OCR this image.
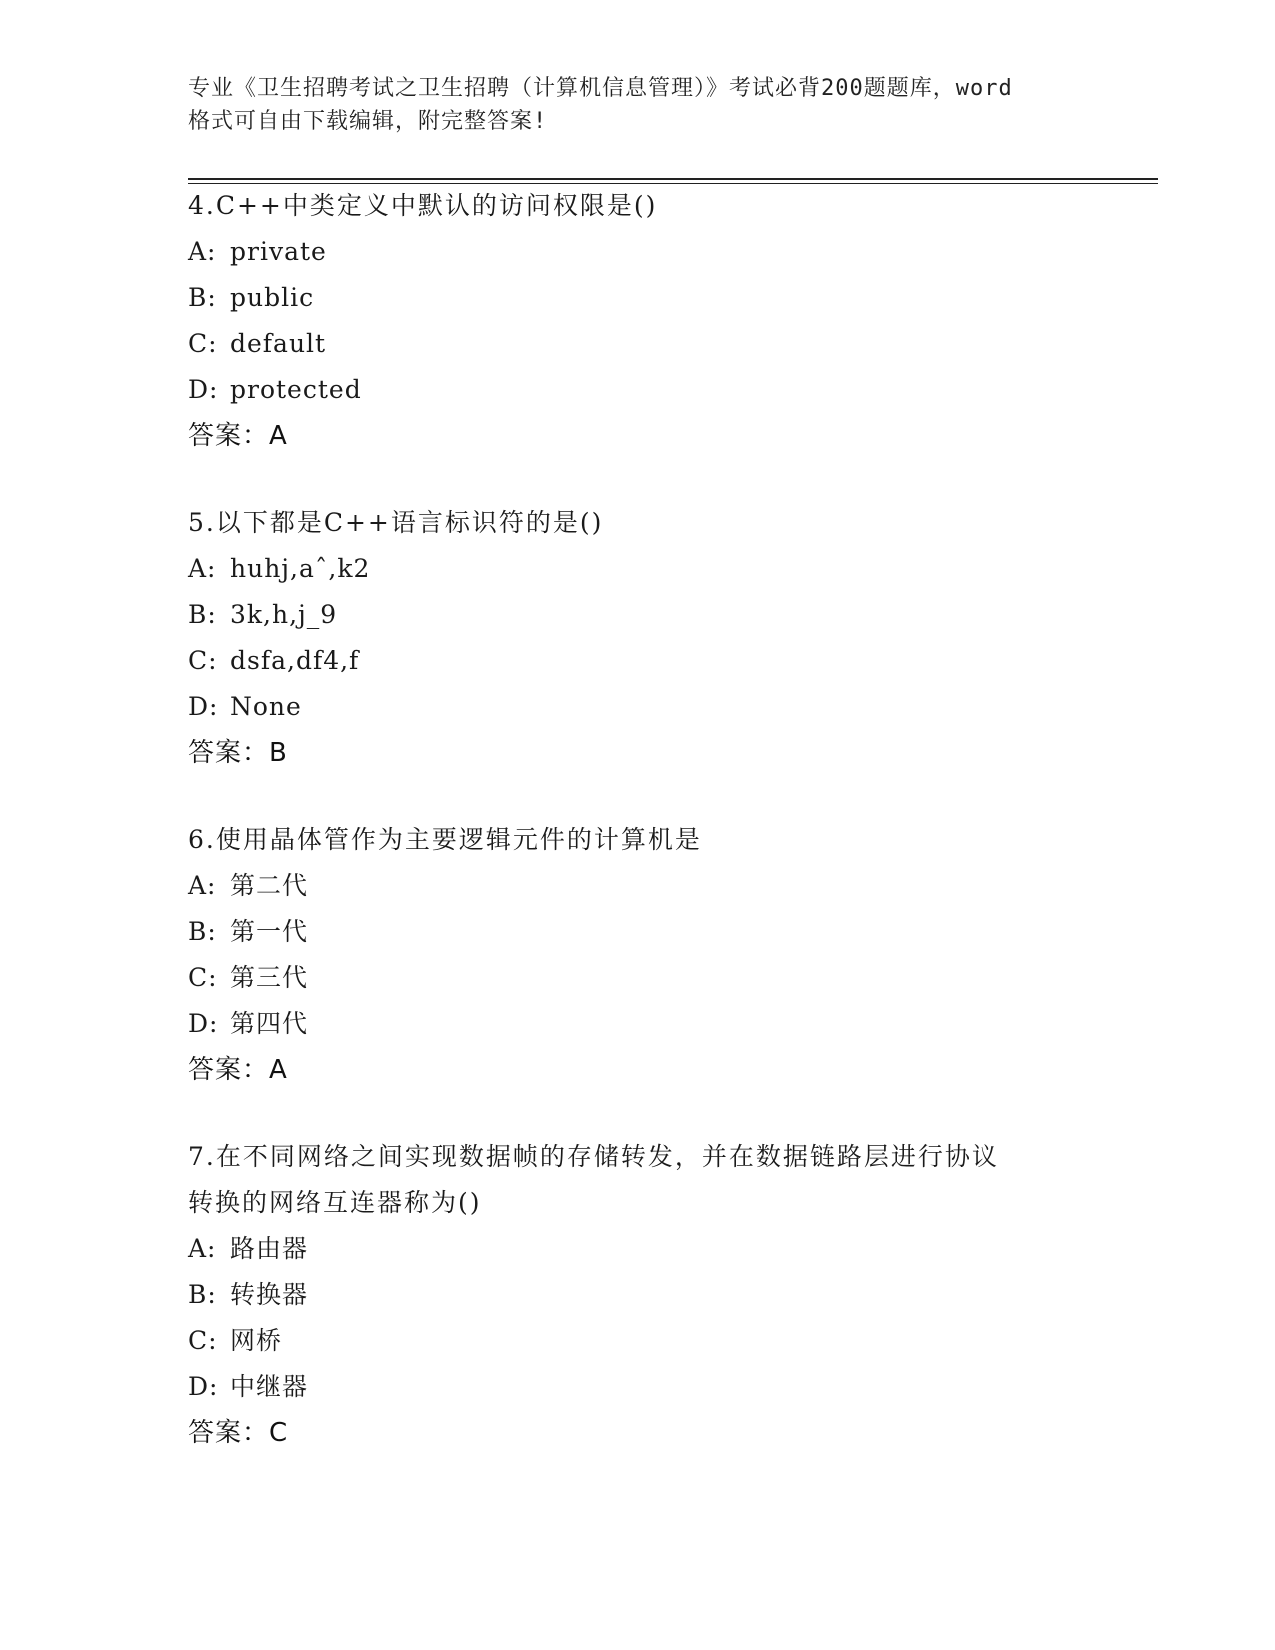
专业《卫生招聘考试之卫生招聘（计算机信息管理）》考试必背200题题库，word
格式可自由下载编辑，附完整答案!

4.C++中类定义中默认的访问权限是()

A: private

B: public

C: default

D: protected

答案：A

5.以下都是C++语言标识符的是()

A: huhj,aˆ,k2

B: 3k,h,j_9

C: dsfa,df4,f

D: None

答案：B

6.使用晶体管作为主要逻辑元件的计算机是

A: 第二代

B: 第一代

C: 第三代

D: 第四代

答案：A

7.在不同网络之间实现数据帧的存储转发，并在数据链路层进行协议

转换的网络互连器称为()

A: 路由器

B: 转换器

C: 网桥

D: 中继器

答案：C
